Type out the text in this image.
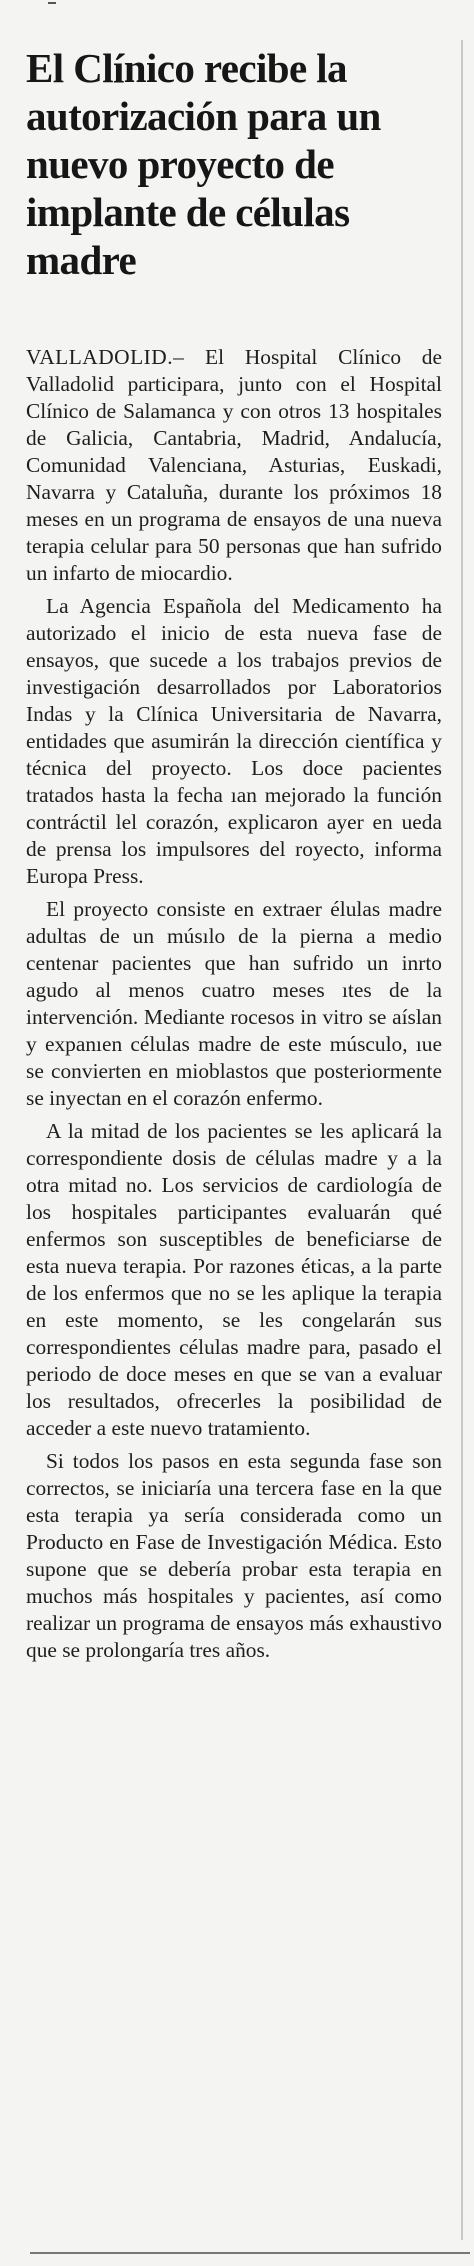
El Clínico recibe la autorización para un nuevo proyecto de implante de células madre

VALLADOLID.– El Hospital Clínico de Valladolid participara, junto con el Hospital Clínico de Salamanca y con otros 13 hospitales de Galicia, Cantabria, Madrid, Andalucía, Comunidad Valenciana, Asturias, Euskadi, Navarra y Cataluña, durante los próximos 18 meses en un programa de ensayos de una nueva terapia celular para 50 personas que han sufrido un infarto de miocardio.

La Agencia Española del Medicamento ha autorizado el inicio de esta nueva fase de ensayos, que sucede a los trabajos previos de investigación desarrollados por Laboratorios Indas y la Clínica Universitaria de Navarra, entidades que asumirán la dirección científica y técnica del proyecto. Los doce pacientes tratados hasta la fecha ıan mejorado la función contráctil lel corazón, explicaron ayer en ueda de prensa los impulsores del royecto, informa Europa Press.

El proyecto consiste en extraer élulas madre adultas de un músılo de la pierna a medio centenar pacientes que han sufrido un inrto agudo al menos cuatro meses ıtes de la intervención. Mediante rocesos in vitro se aíslan y expanıen células madre de este músculo, ıue se convierten en mioblastos que posteriormente se inyectan en el corazón enfermo.

A la mitad de los pacientes se les aplicará la correspondiente dosis de células madre y a la otra mitad no. Los servicios de cardiología de los hospitales participantes evaluarán qué enfermos son susceptibles de beneficiarse de esta nueva terapia. Por razones éticas, a la parte de los enfermos que no se les aplique la terapia en este momento, se les congelarán sus correspondientes células madre para, pasado el periodo de doce meses en que se van a evaluar los resultados, ofrecerles la posibilidad de acceder a este nuevo tratamiento.

Si todos los pasos en esta segunda fase son correctos, se iniciaría una tercera fase en la que esta terapia ya sería considerada como un Producto en Fase de Investigación Médica. Esto supone que se debería probar esta terapia en muchos más hospitales y pacientes, así como realizar un programa de ensayos más exhaustivo que se prolongaría tres años.
